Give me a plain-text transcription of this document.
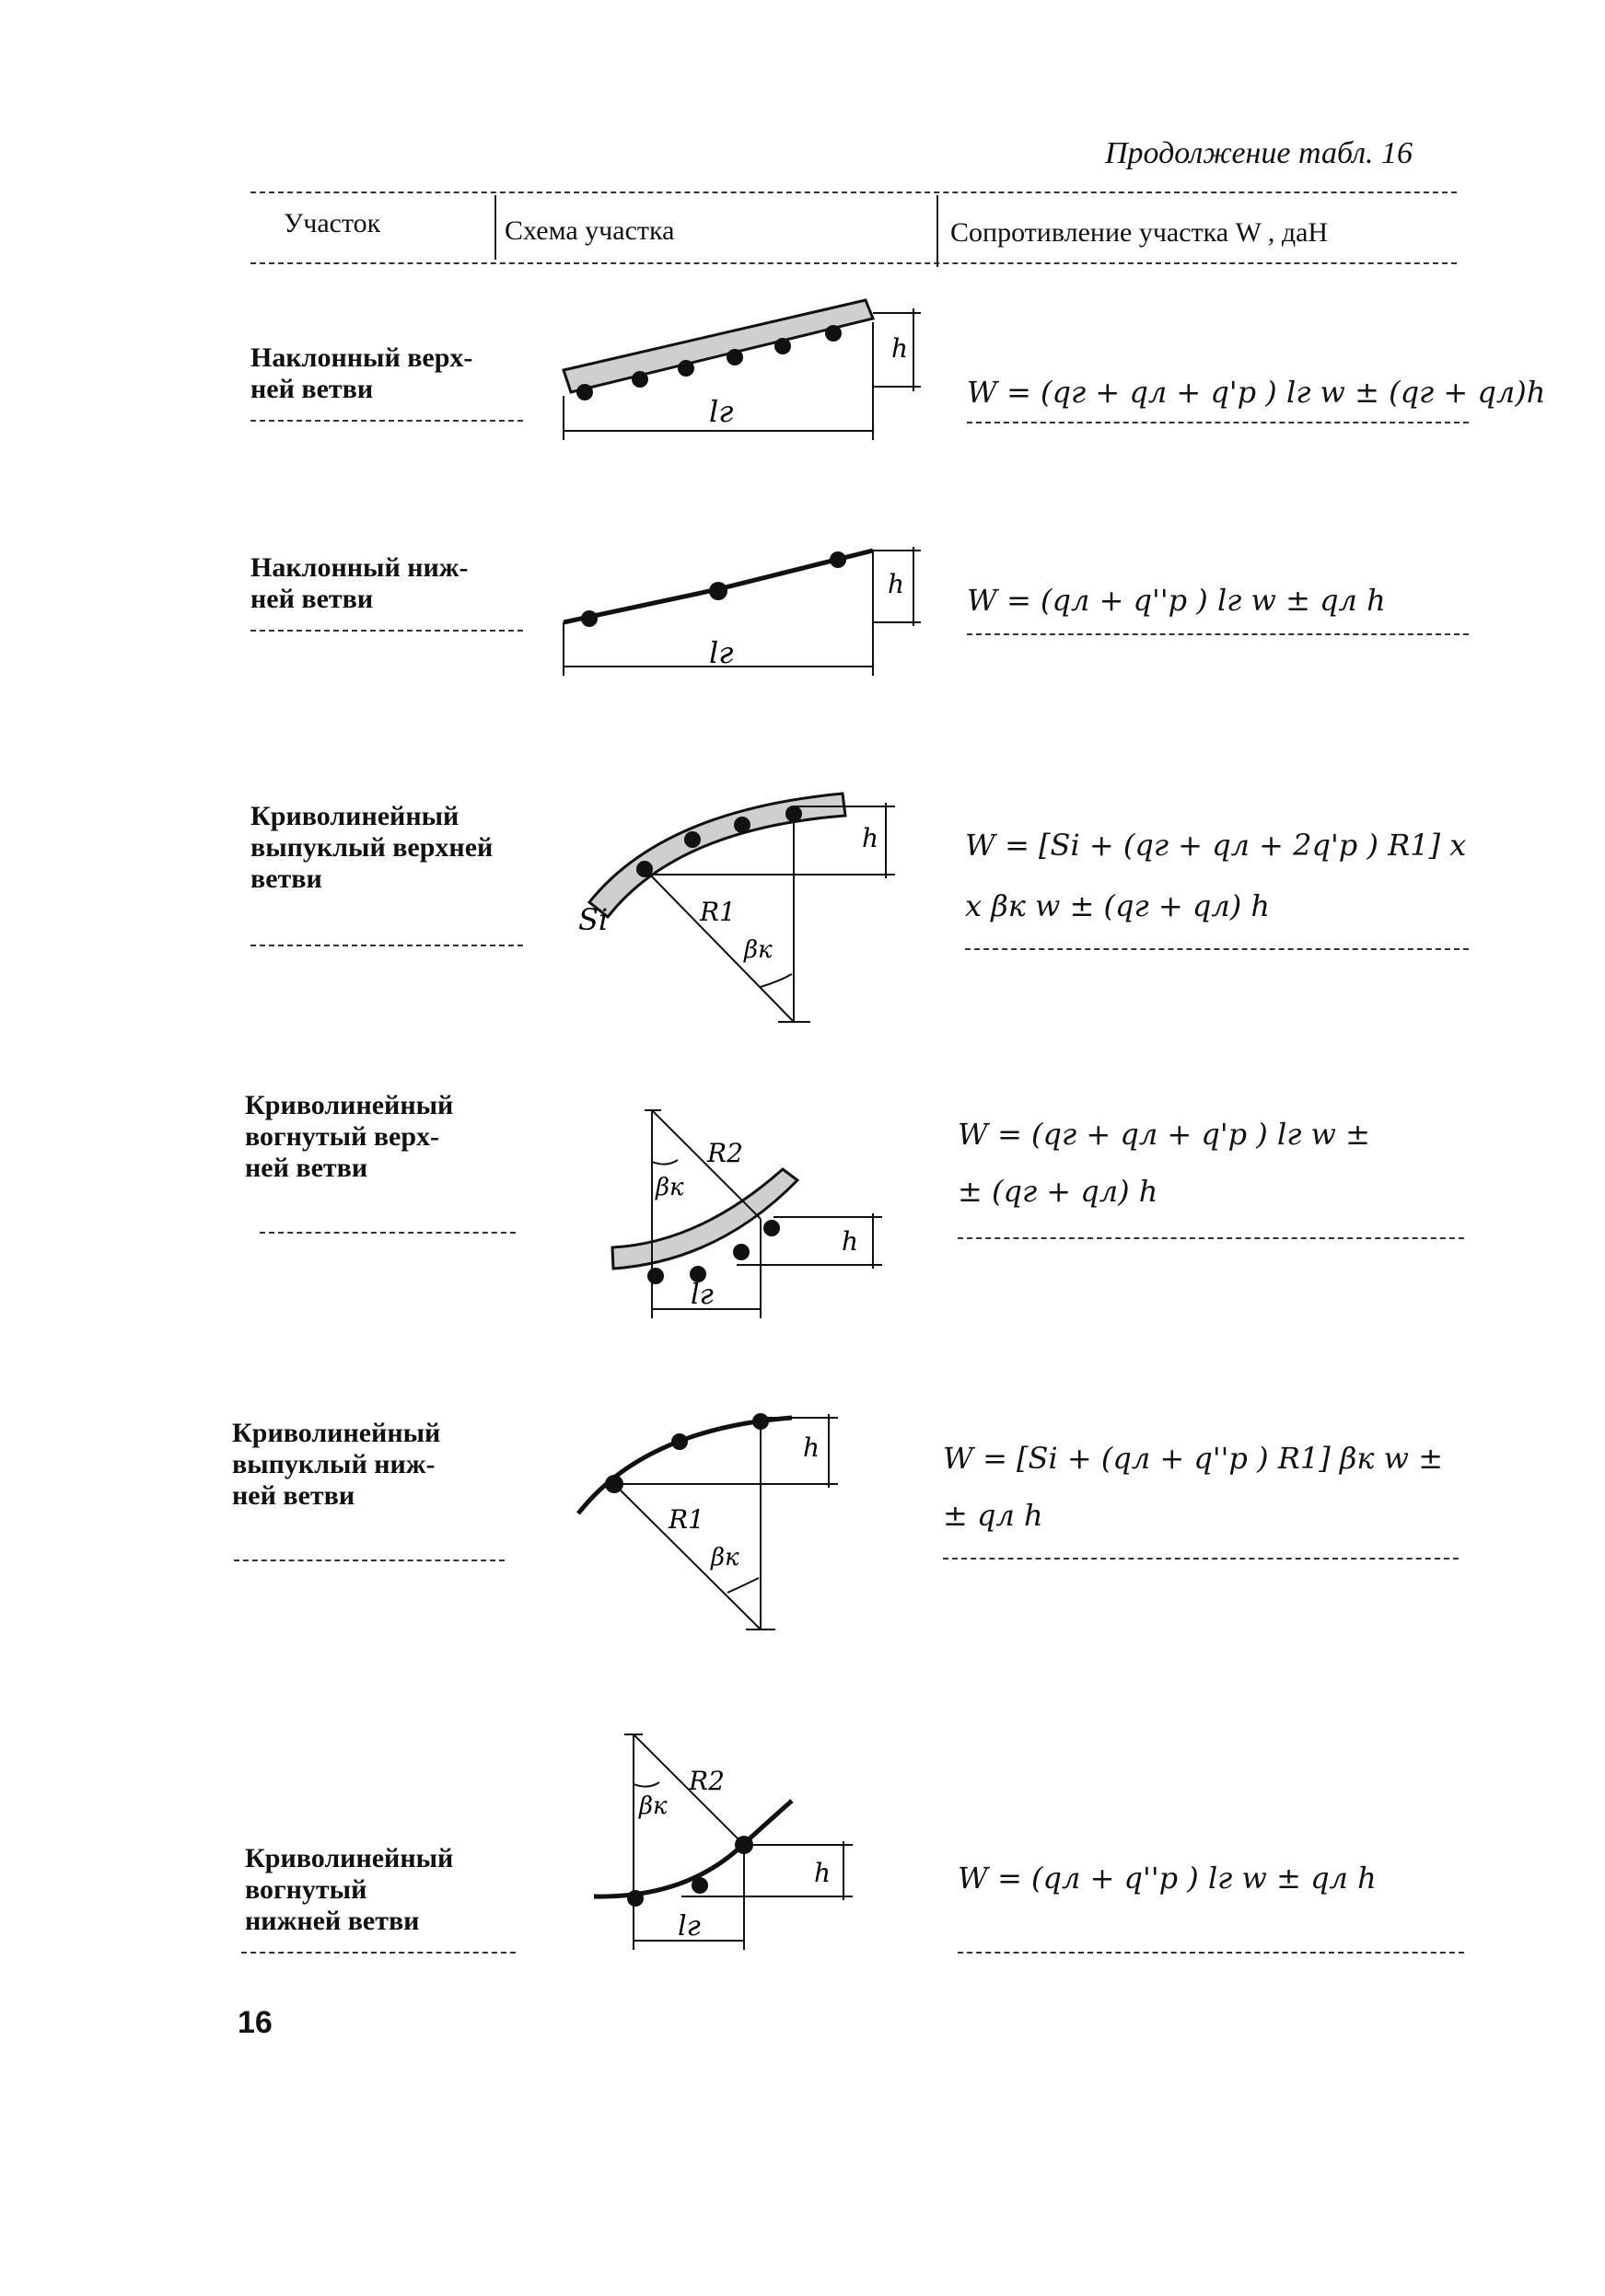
Продолжение табл. 16
Участок	Схема участка	Сопротивление участка W , даН
Наклонный верх-
ней ветви	W = (qг + qл + q'р ) lг w ± (qг + qл)h
lг
h
Наклонный ниж-
ней ветви	W = (qл + q''р ) lг w ± qл h
lг
h
Криволинейный
выпуклый верхней
ветви
W = [Si + (qг + qл + 2q'р ) R1] x
x βк w ± (qг + qл) h
Si	R1
βк
h
Криволинейный
вогнутый верх-
ней ветви
W = (qг + qл + q'р ) lг w ±
± (qг + qл) h
R2
βк
lг
h
Криволинейный
выпуклый ниж-
ней ветви
W = [Si + (qл + q''р ) R1] βк w ±
± qл h
R1
βк
h
Криволинейный
вогнутый
нижней ветви
W = (qл + q''р ) lг w ± qл h
R2
βк
lг
h
16
